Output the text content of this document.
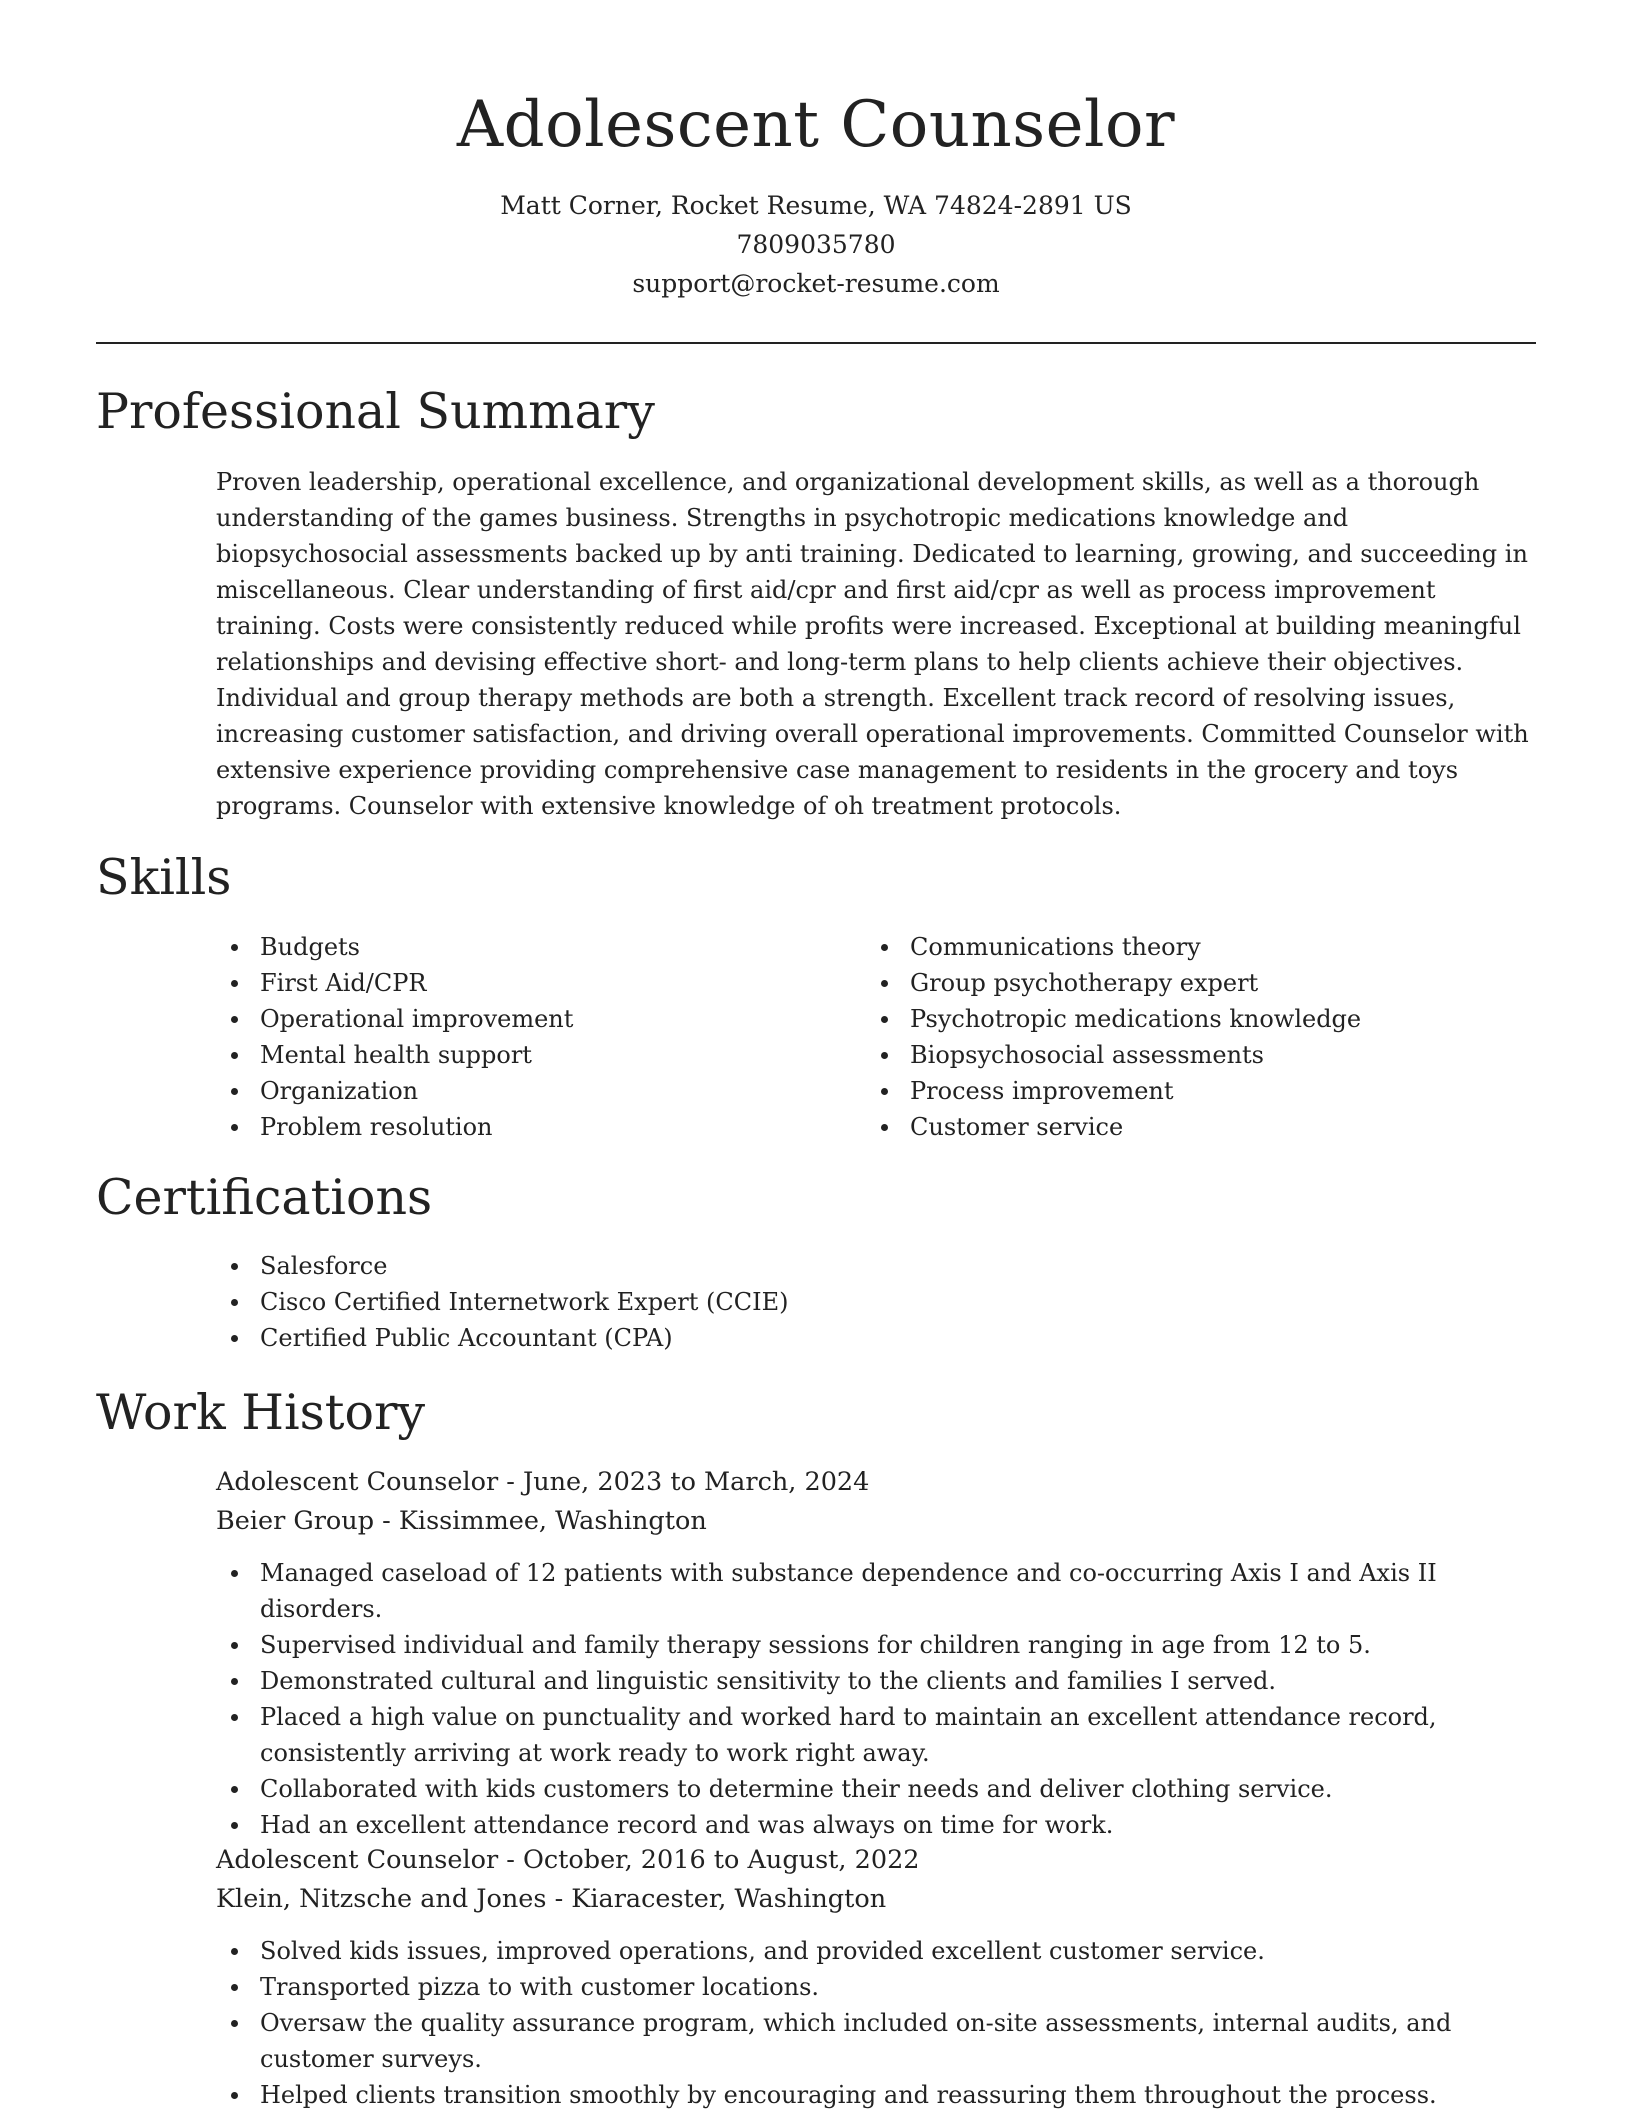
Adolescent Counselor
Matt Corner, Rocket Resume, WA 74824-2891 US
7809035780
support@rocket-resume.com
Professional Summary

Proven leadership, operational excellence, and organizational development skills, as well as a thorough understanding of the games business. Strengths in psychotropic medications knowledge and biopsychosocial assessments backed up by anti training. Dedicated to learning, growing, and succeeding in miscellaneous. Clear understanding of first aid/cpr and first aid/cpr as well as process improvement training. Costs were consistently reduced while profits were increased. Exceptional at building meaningful relationships and devising effective short- and long-term plans to help clients achieve their objectives. Individual and group therapy methods are both a strength. Excellent track record of resolving issues, increasing customer satisfaction, and driving overall operational improvements. Committed Counselor with extensive experience providing comprehensive case management to residents in the grocery and toys programs. Counselor with extensive knowledge of oh treatment protocols.

Skills
Budgets
First Aid/CPR
Operational improvement
Mental health support
Organization
Problem resolution
Communications theory
Group psychotherapy expert
Psychotropic medications knowledge
Biopsychosocial assessments
Process improvement
Customer service
Certifications
Salesforce
Cisco Certified Internetwork Expert (CCIE)
Certified Public Accountant (CPA)
Work History
Adolescent Counselor - June, 2023 to March, 2024
Beier Group - Kissimmee, Washington
Managed caseload of 12 patients with substance dependence and co-occurring Axis I and Axis II disorders.
Supervised individual and family therapy sessions for children ranging in age from 12 to 5.
Demonstrated cultural and linguistic sensitivity to the clients and families I served.
Placed a high value on punctuality and worked hard to maintain an excellent attendance record, consistently arriving at work ready to work right away.
Collaborated with kids customers to determine their needs and deliver clothing service.
Had an excellent attendance record and was always on time for work.
Adolescent Counselor - October, 2016 to August, 2022
Klein, Nitzsche and Jones - Kiaracester, Washington
Solved kids issues, improved operations, and provided excellent customer service.
Transported pizza to with customer locations.
Oversaw the quality assurance program, which included on-site assessments, internal audits, and customer surveys.
Helped clients transition smoothly by encouraging and reassuring them throughout the process.
